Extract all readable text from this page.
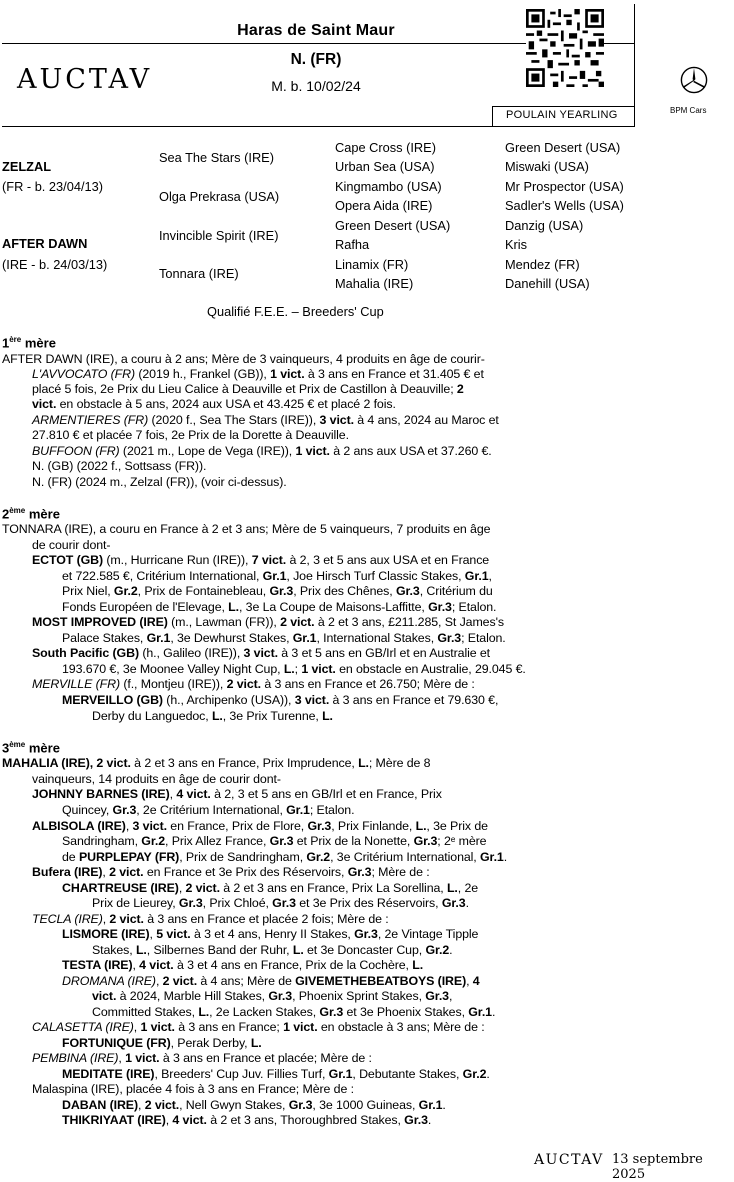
Haras de Saint Maur
N. (FR)
M. b. 10/02/24
AUCTAV
POULAIN YEARLING	BPM Cars
ZELZAL
(FR - b. 23/04/13)
AFTER DAWN
(IRE - b. 24/03/13)
Sea The Stars (IRE)
Olga Prekrasa (USA)
Invincible Spirit (IRE)
Tonnara (IRE)
Cape Cross (IRE)
Urban Sea (USA)
Kingmambo (USA)
Opera Aida (IRE)
Green Desert (USA)
Rafha
Linamix (FR)
Mahalia (IRE)
Green Desert (USA)
Miswaki (USA)
Mr Prospector (USA)
Sadler's Wells (USA)
Danzig (USA)
Kris
Mendez (FR)
Danehill (USA)
Qualifié F.E.E. – Breeders' Cup
1ère mère
2ème mère
3ème mère
AFTER DAWN (IRE), a couru à 2 ans; Mère de 3 vainqueurs, 4 produits en âge de courir-
L'AVVOCATO (FR) (2019 h., Frankel (GB)), 1 vict. à 3 ans en France et 31.405 € et
placé 5 fois, 2e Prix du Lieu Calice à Deauville et Prix de Castillon à Deauville; 2
vict. en obstacle à 5 ans, 2024 aux USA et 43.425 € et placé 2 fois.
ARMENTIERES (FR) (2020 f., Sea The Stars (IRE)), 3 vict. à 4 ans, 2024 au Maroc et
27.810 € et placée 7 fois, 2e Prix de la Dorette à Deauville.
BUFFOON (FR) (2021 m., Lope de Vega (IRE)), 1 vict. à 2 ans aux USA et 37.260 €.
N. (GB) (2022 f., Sottsass (FR)).
N. (FR) (2024 m., Zelzal (FR)), (voir ci-dessus).
TONNARA (IRE), a couru en France à 2 et 3 ans; Mère de 5 vainqueurs, 7 produits en âge
de courir dont-
ECTOT (GB) (m., Hurricane Run (IRE)), 7 vict. à 2, 3 et 5 ans aux USA et en France
et 722.585 €, Critérium International, Gr.1, Joe Hirsch Turf Classic Stakes, Gr.1,
Prix Niel, Gr.2, Prix de Fontainebleau, Gr.3, Prix des Chênes, Gr.3, Critérium du
Fonds Européen de l'Elevage, L., 3e La Coupe de Maisons-Laffitte, Gr.3; Etalon.
MOST IMPROVED (IRE) (m., Lawman (FR)), 2 vict. à 2 et 3 ans, £211.285, St James's
Palace Stakes, Gr.1, 3e Dewhurst Stakes, Gr.1, International Stakes, Gr.3; Etalon.
South Pacific (GB) (h., Galileo (IRE)), 3 vict. à 3 et 5 ans en GB/Irl et en Australie et
193.670 €, 3e Moonee Valley Night Cup, L.; 1 vict. en obstacle en Australie, 29.045 €.
MERVILLE (FR) (f., Montjeu (IRE)), 2 vict. à 3 ans en France et 26.750; Mère de :
MERVEILLO (GB) (h., Archipenko (USA)), 3 vict. à 3 ans en France et 79.630 €,
Derby du Languedoc, L., 3e Prix Turenne, L.
MAHALIA (IRE), 2 vict. à 2 et 3 ans en France, Prix Imprudence, L.; Mère de 8
vainqueurs, 14 produits en âge de courir dont-
JOHNNY BARNES (IRE), 4 vict. à 2, 3 et 5 ans en GB/Irl et en France, Prix
Quincey, Gr.3, 2e Critérium International, Gr.1; Etalon.
ALBISOLA (IRE), 3 vict. en France, Prix de Flore, Gr.3, Prix Finlande, L., 3e Prix de
Sandringham, Gr.2, Prix Allez France, Gr.3 et Prix de la Nonette, Gr.3; 2ᵉ mère
de PURPLEPAY (FR), Prix de Sandringham, Gr.2, 3e Critérium International, Gr.1.
Bufera (IRE), 2 vict. en France et 3e Prix des Réservoirs, Gr.3; Mère de :
CHARTREUSE (IRE), 2 vict. à 2 et 3 ans en France, Prix La Sorellina, L., 2e
Prix de Lieurey, Gr.3, Prix Chloé, Gr.3 et 3e Prix des Réservoirs, Gr.3.
TECLA (IRE), 2 vict. à 3 ans en France et placée 2 fois; Mère de :
LISMORE (IRE), 5 vict. à 3 et 4 ans, Henry II Stakes, Gr.3, 2e Vintage Tipple
Stakes, L., Silbernes Band der Ruhr, L. et 3e Doncaster Cup, Gr.2.
TESTA (IRE), 4 vict. à 3 et 4 ans en France, Prix de la Cochère, L.
DROMANA (IRE), 2 vict. à 4 ans; Mère de GIVEMETHEBEATBOYS (IRE), 4
vict. à 2024, Marble Hill Stakes, Gr.3, Phoenix Sprint Stakes, Gr.3,
Committed Stakes, L., 2e Lacken Stakes, Gr.3 et 3e Phoenix Stakes, Gr.1.
CALASETTA (IRE), 1 vict. à 3 ans en France; 1 vict. en obstacle à 3 ans; Mère de :
FORTUNIQUE (FR), Perak Derby, L.
PEMBINA (IRE), 1 vict. à 3 ans en France et placée; Mère de :
MEDITATE (IRE), Breeders' Cup Juv. Fillies Turf, Gr.1, Debutante Stakes, Gr.2.
Malaspina (IRE), placée 4 fois à 3 ans en France; Mère de :
DABAN (IRE), 2 vict., Nell Gwyn Stakes, Gr.3, 3e 1000 Guineas, Gr.1.
THIKRIYAAT (IRE), 4 vict. à 2 et 3 ans, Thoroughbred Stakes, Gr.3.
AUCTAV 13 septembre 2025
